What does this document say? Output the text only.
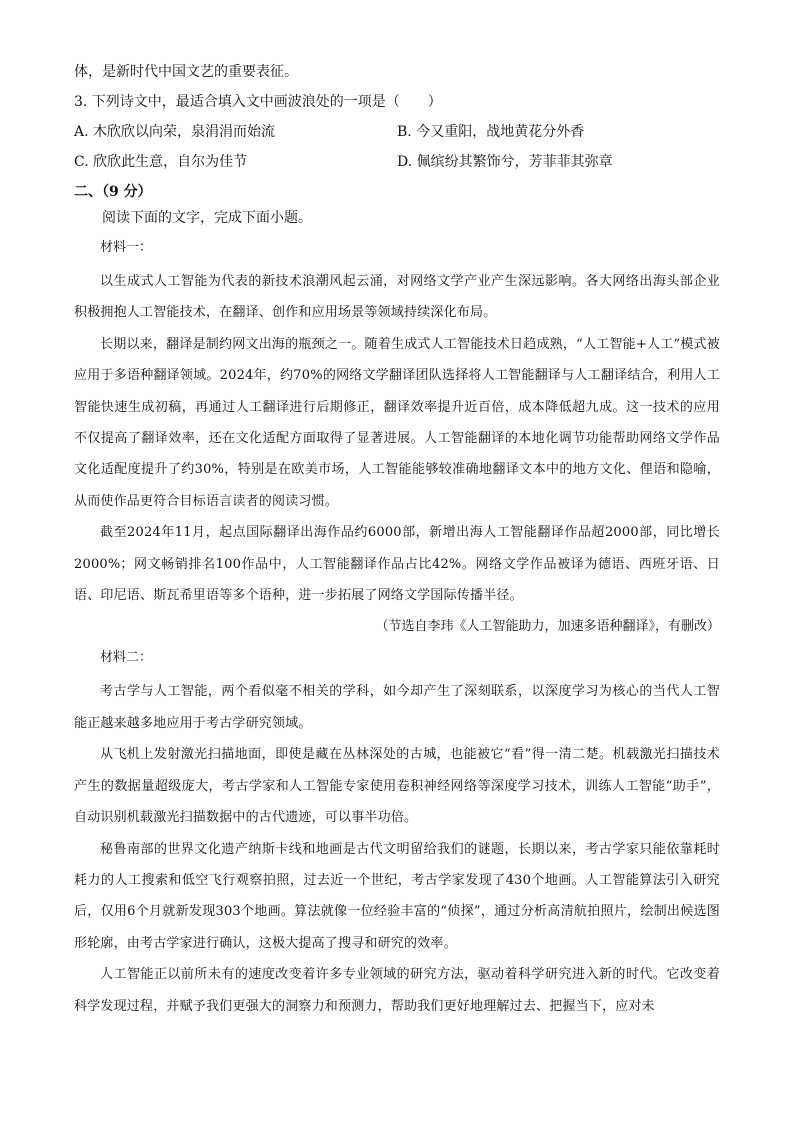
体，是新时代中国文艺的重要表征。
3. 下列诗文中，最适合填入文中画波浪处的一项是（　　）
A. 木欣欣以向荣，泉涓涓而始流	B. 今又重阳，战地黄花分外香
C. 欣欣此生意，自尔为佳节	D. 佩缤纷其繁饰兮，芳菲菲其弥章
二、（9 分）
阅读下面的文字，完成下面小题。
材料一：

以生成式人工智能为代表的新技术浪潮风起云涌，对网络文学产业产生深远影响。各大网络出海头部企业积极拥抱人工智能技术，在翻译、创作和应用场景等领域持续深化布局。

长期以来，翻译是制约网文出海的瓶颈之一。随着生成式人工智能技术日趋成熟，“人工智能+人工”模式被应用于多语种翻译领域。2024年，约70%的网络文学翻译团队选择将人工智能翻译与人工翻译结合，利用人工智能快速生成初稿，再通过人工翻译进行后期修正，翻译效率提升近百倍，成本降低超九成。这一技术的应用不仅提高了翻译效率，还在文化适配方面取得了显著进展。人工智能翻译的本地化调节功能帮助网络文学作品文化适配度提升了约30%，特别是在欧美市场，人工智能能够较准确地翻译文本中的地方文化、俚语和隐喻，从而使作品更符合目标语言读者的阅读习惯。

截至2024年11月，起点国际翻译出海作品约6000部，新增出海人工智能翻译作品超2000部，同比增长2000%；网文畅销排名100作品中，人工智能翻译作品占比42%。网络文学作品被译为德语、西班牙语、日语、印尼语、斯瓦希里语等多个语种，进一步拓展了网络文学国际传播半径。

（节选自李玮《人工智能助力，加速多语种翻译》，有删改）

材料二：

考古学与人工智能，两个看似毫不相关的学科，如今却产生了深刻联系，以深度学习为核心的当代人工智能正越来越多地应用于考古学研究领域。

从飞机上发射激光扫描地面，即使是藏在丛林深处的古城，也能被它“看”得一清二楚。机载激光扫描技术产生的数据量超级庞大，考古学家和人工智能专家使用卷积神经网络等深度学习技术，训练人工智能“助手”，自动识别机载激光扫描数据中的古代遗迹，可以事半功倍。

秘鲁南部的世界文化遗产纳斯卡线和地画是古代文明留给我们的谜题，长期以来，考古学家只能依靠耗时耗力的人工搜索和低空飞行观察拍照，过去近一个世纪，考古学家发现了430个地画。人工智能算法引入研究后，仅用6个月就新发现303个地画。算法就像一位经验丰富的“侦探”，通过分析高清航拍照片，绘制出候选图形轮廓，由考古学家进行确认，这极大提高了搜寻和研究的效率。

人工智能正以前所未有的速度改变着许多专业领域的研究方法，驱动着科学研究进入新的时代。它改变着科学发现过程，并赋予我们更强大的洞察力和预测力，帮助我们更好地理解过去、把握当下，应对未
